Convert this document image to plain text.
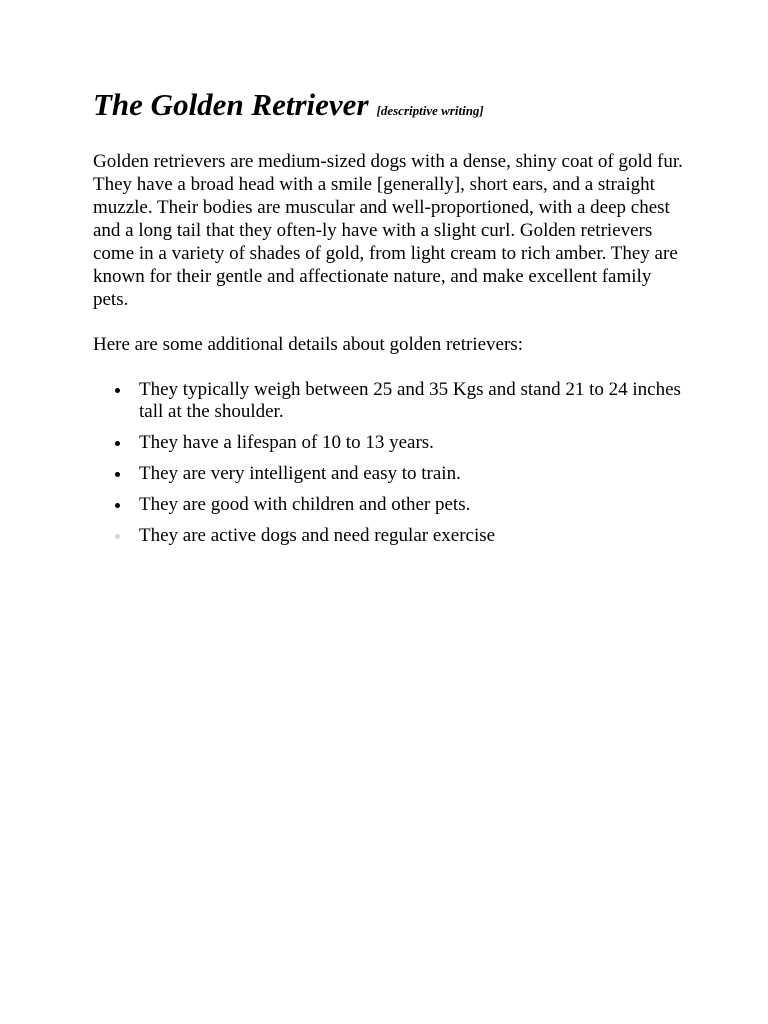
The Golden Retriever [descriptive writing]

Golden retrievers are medium-sized dogs with a dense, shiny coat of gold fur. They have a broad head with a smile [generally], short ears, and a straight muzzle. Their bodies are muscular and well-proportioned, with a deep chest and a long tail that they often-ly have with a slight curl. Golden retrievers come in a variety of shades of gold, from light cream to rich amber. They are known for their gentle and affectionate nature, and make excellent family pets.

Here are some additional details about golden retrievers:

They typically weigh between 25 and 35 Kgs and stand 21 to 24 inches tall at the shoulder.
They have a lifespan of 10 to 13 years.
They are very intelligent and easy to train.
They are good with children and other pets.
They are active dogs and need regular exercise
